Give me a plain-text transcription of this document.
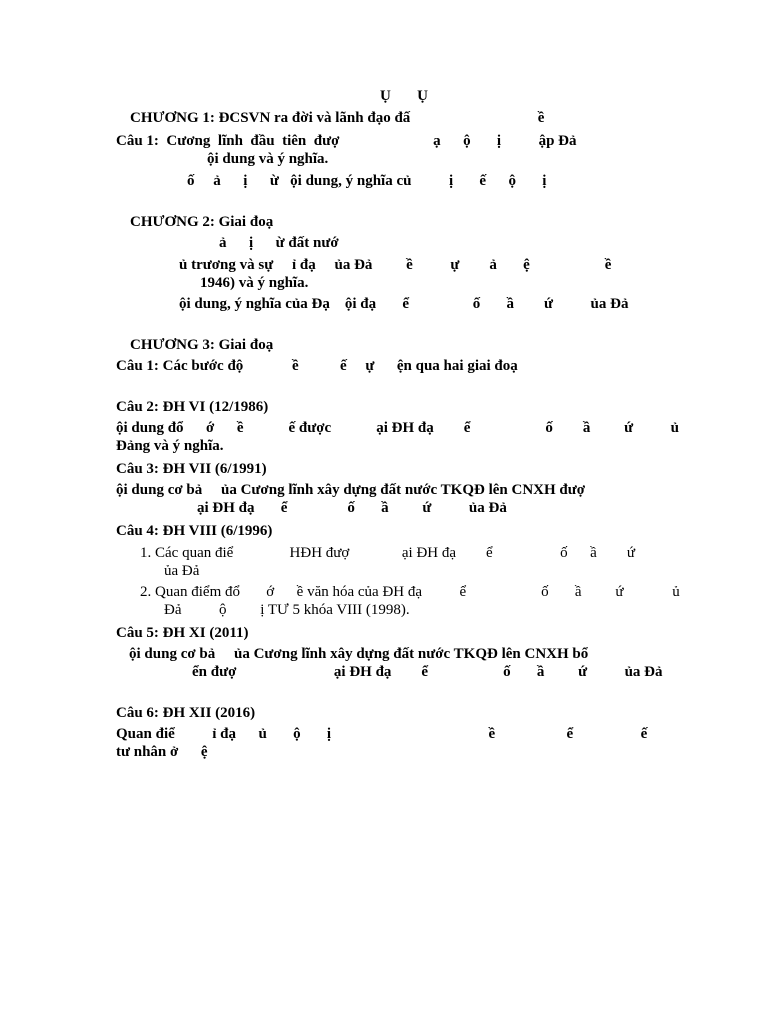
Ụ       Ụ
CHƯƠNG 1: ĐCSVN ra đời và lãnh đạo đấ                                  ề
Câu 1:  Cương  lĩnh  đầu  tiên  đượ                         ạ      ộ       ị          ập Đả
ội dung và ý nghĩa.
ố     ả      ị      ừ   ội dung, ý nghĩa củ          ị       ế      ộ       ị
CHƯƠNG 2: Giai đoạ
ả      ị      ừ đất nướ
ủ trương và sự     ỉ đạ     ủa Đả         ề          ự        ả       ệ                    ề
1946) và ý nghĩa.
ội dung, ý nghĩa của Đạ    ội đạ       ể                 ố       ầ        ứ          ủa Đả
CHƯƠNG 3: Giai đoạ
Câu 1: Các bước độ             ề           ế     ự      ện qua hai giai đoạ
Câu 2: ĐH VI (12/1986)
ội dung đổ      ớ      ề            ế được            ại ĐH đạ        ể                    ố        ầ         ứ          ủ
Đảng và ý nghĩa.
Câu 3: ĐH VII (6/1991)
ội dung cơ bả     ủa Cương lĩnh xây dựng đất nước TKQĐ lên CNXH đượ
ại ĐH đạ       ể                ố       ầ         ứ          ủa Đả
Câu 4: ĐH VIII (6/1996)
1. Các quan điể               HĐH đượ              ại ĐH đạ        ể                  ố      ầ        ứ
ủa Đả
2. Quan điểm đổ       ớ      ề văn hóa của ĐH đạ          ể                    ố       ầ         ứ             ủ
Đả          ộ         ị TƯ 5 khóa VIII (1998).
Câu 5: ĐH XI (2011)
ội dung cơ bả     ủa Cương lĩnh xây dựng đất nước TKQĐ lên CNXH bổ
ển đượ                          ại ĐH đạ        ể                    ố       ầ         ứ          ủa Đả
Câu 6: ĐH XII (2016)
Quan điể          ỉ đạ      ủ       ộ       ị                                          ề                   ể                  ế
tư nhân ở      ệ
